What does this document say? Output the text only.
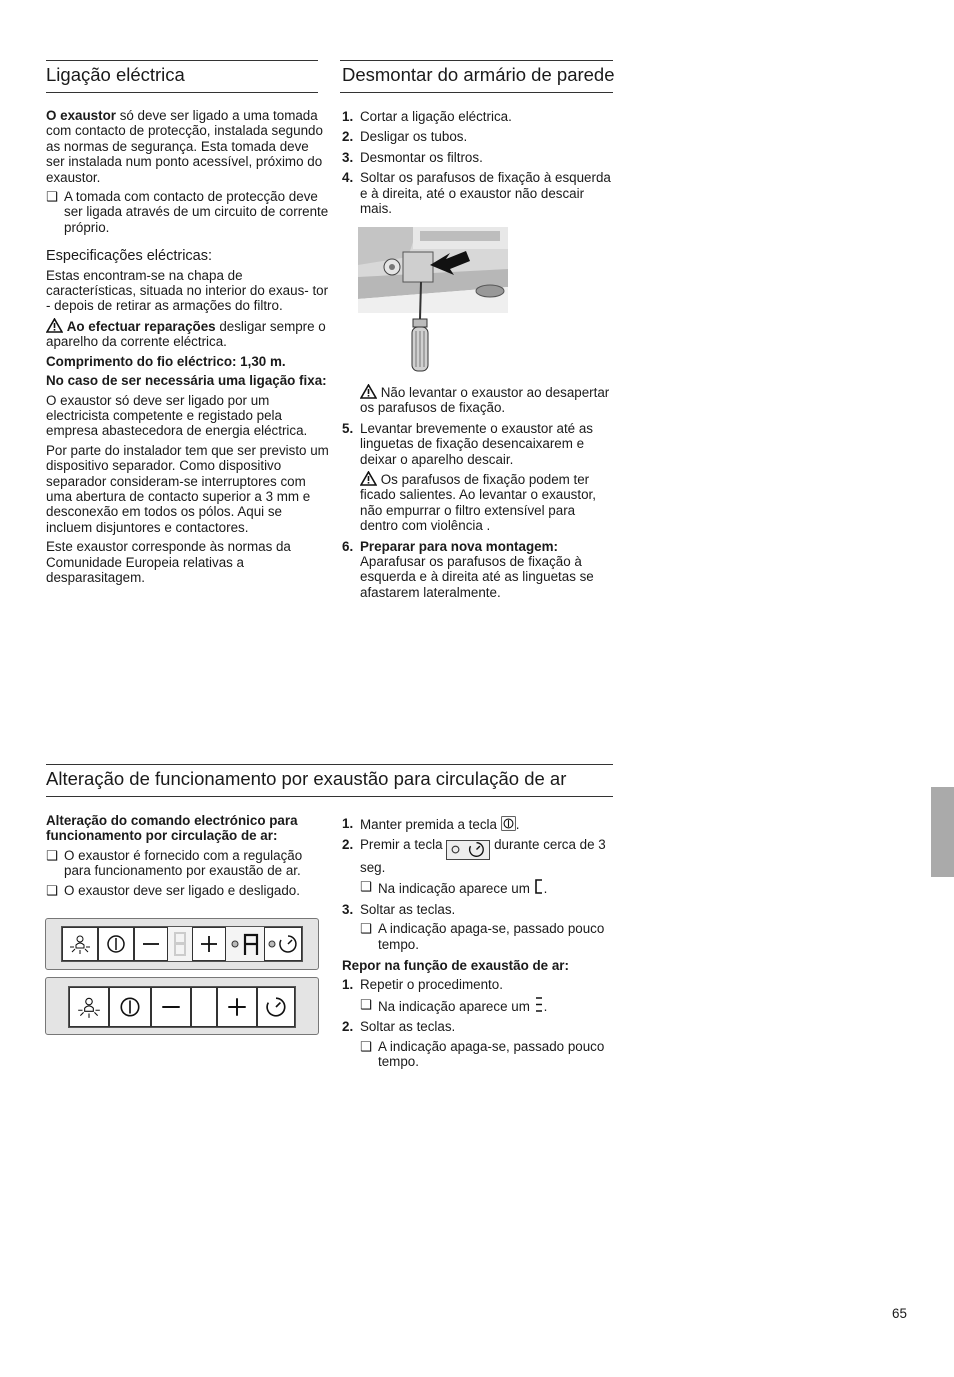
Ligação eléctrica

O exaustor só deve ser ligado a uma tomada com contacto de protecção, instalada segundo as normas de segurança. Esta tomada deve ser instalada num ponto acessível, próximo do exaustor.

❑ A tomada com contacto de protecção deve ser ligada através de um circuito de corrente próprio.

Especificações eléctricas:

Estas encontram-se na chapa de características, situada no interior do exaus- tor - depois de retirar as armações do filtro.

Ao efectuar reparações desligar sempre o aparelho da corrente eléctrica.

Comprimento do fio eléctrico: 1,30 m.

No caso de ser necessária uma ligação fixa:

O exaustor só deve ser ligado por um electricista competente e registado pela empresa abastecedora de energia eléctrica.

Por parte do instalador tem que ser previsto um dispositivo separador. Como dispositivo separador consideram-se interruptores com uma abertura de contacto superior a 3 mm e desconexão em todos os pólos. Aqui se incluem disjuntores e contactores.

Este exaustor corresponde às normas da Comunidade Europeia relativas a desparasitagem.

Desmontar do armário de parede
1. Cortar a ligação eléctrica.
2. Desligar os tubos.
3. Desmontar os filtros.
4. Soltar os parafusos de fixação à esquerda e à direita, até o exaustor não descair mais.
Não levantar o exaustor ao desapertar os parafusos de fixação.
5. Levantar brevemente o exaustor até as linguetas de fixação desencaixarem e deixar o aparelho descair.
Os parafusos de fixação podem ter ficado salientes. Ao levantar o exaustor, não empurrar o filtro extensível para dentro com violência .
6. Preparar para nova montagem:
Aparafusar os parafusos de fixação à esquerda e à direita até as linguetas se afastarem lateralmente.
Alteração de funcionamento por exaustão para circulação de ar

Alteração do comando electrónico para funcionamento por circulação de ar:

❑ O exaustor é fornecido com a regulação para funcionamento por exaustão de ar.
❑ O exaustor deve ser ligado e desligado.
1. Manter premida a tecla .
2. Premir a tecla	durante cerca de 3 seg.
❑ Na indicação aparece um .
3. Soltar as teclas.
❑ A indicação apaga-se, passado pouco tempo.

Repor na função de exaustão de ar:

1. Repetir o procedimento.
❑ Na indicação aparece um .
2. Soltar as teclas.
❑ A indicação apaga-se, passado pouco tempo.
65
